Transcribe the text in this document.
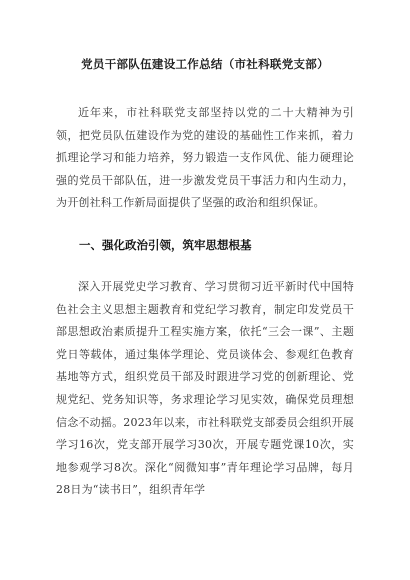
党员干部队伍建设工作总结（市社科联党支部）

近年来，市社科联党支部坚持以党的二十大精神为引领，把党员队伍建设作为党的建设的基础性工作来抓，着力抓理论学习和能力培养，努力锻造一支作风优、能力硬理论强的党员干部队伍，进一步激发党员干事活力和内生动力，为开创社科工作新局面提供了坚强的政治和组织保证。

一、强化政治引领，筑牢思想根基

深入开展党史学习教育、学习贯彻习近平新时代中国特色社会主义思想主题教育和党纪学习教育，制定印发党员干部思想政治素质提升工程实施方案，依托“三会一课”、主题党日等载体，通过集体学理论、党员谈体会、参观红色教育基地等方式，组织党员干部及时跟进学习党的创新理论、党规党纪、党务知识等，务求理论学习见实效，确保党员理想信念不动摇。2023年以来，市社科联党支部委员会组织开展学习16次，党支部开展学习30次，开展专题党课10次，实地参观学习8次。深化“阅微知事”青年理论学习品牌，每月28日为“读书日”，组织青年学
